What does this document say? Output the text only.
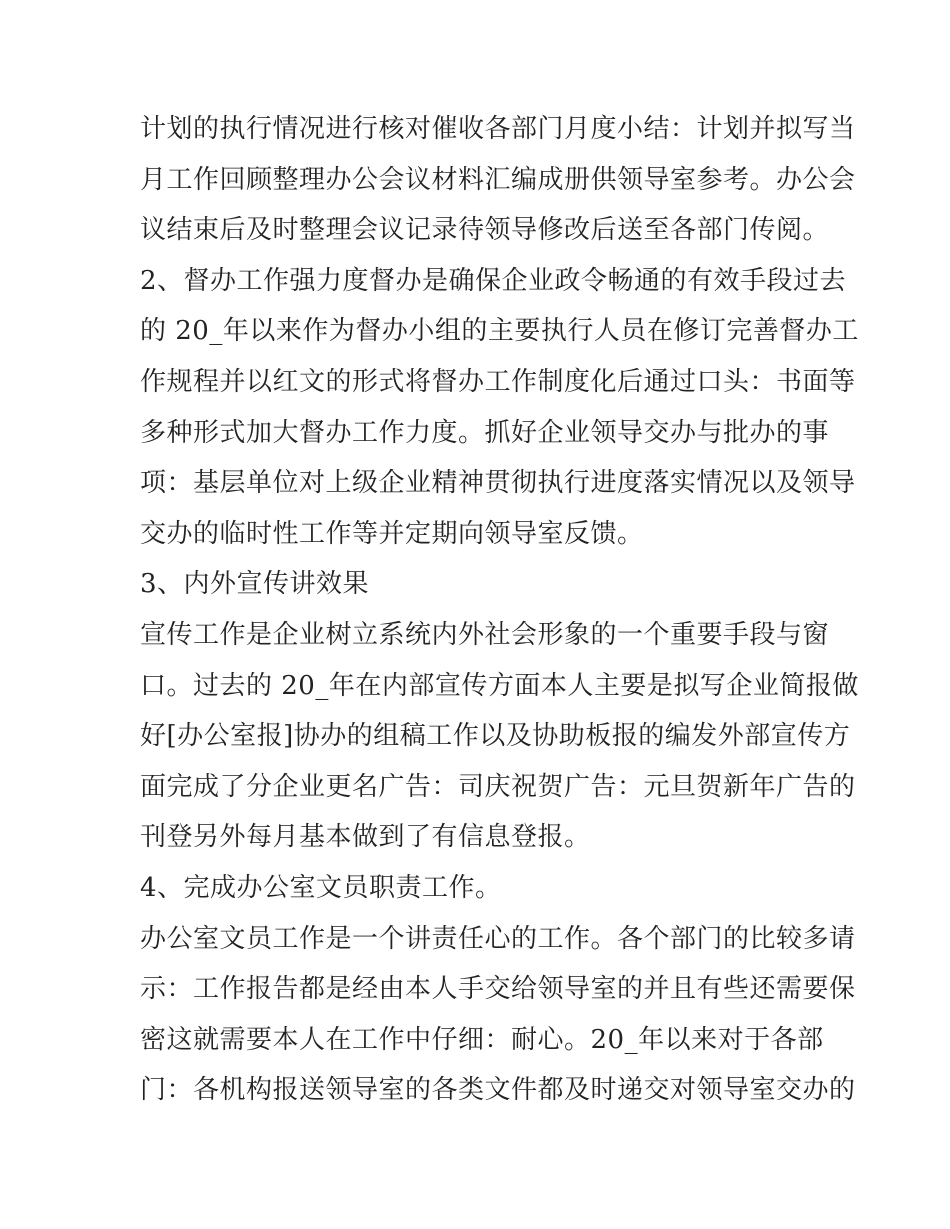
计划的执行情况进行核对催收各部门月度小结：计划并拟写当
月工作回顾整理办公会议材料汇编成册供领导室参考。办公会
议结束后及时整理会议记录待领导修改后送至各部门传阅。
2、督办工作强力度督办是确保企业政令畅通的有效手段过去
的 20_年以来作为督办小组的主要执行人员在修订完善督办工
作规程并以红文的形式将督办工作制度化后通过口头：书面等
多种形式加大督办工作力度。抓好企业领导交办与批办的事
项：基层单位对上级企业精神贯彻执行进度落实情况以及领导
交办的临时性工作等并定期向领导室反馈。
3、内外宣传讲效果
宣传工作是企业树立系统内外社会形象的一个重要手段与窗
口。过去的 20_年在内部宣传方面本人主要是拟写企业简报做
好[办公室报]协办的组稿工作以及协助板报的编发外部宣传方
面完成了分企业更名广告：司庆祝贺广告：元旦贺新年广告的
刊登另外每月基本做到了有信息登报。
4、完成办公室文员职责工作。
办公室文员工作是一个讲责任心的工作。各个部门的比较多请
示：工作报告都是经由本人手交给领导室的并且有些还需要保
密这就需要本人在工作中仔细：耐心。20_年以来对于各部
门：各机构报送领导室的各类文件都及时递交对领导室交办的
